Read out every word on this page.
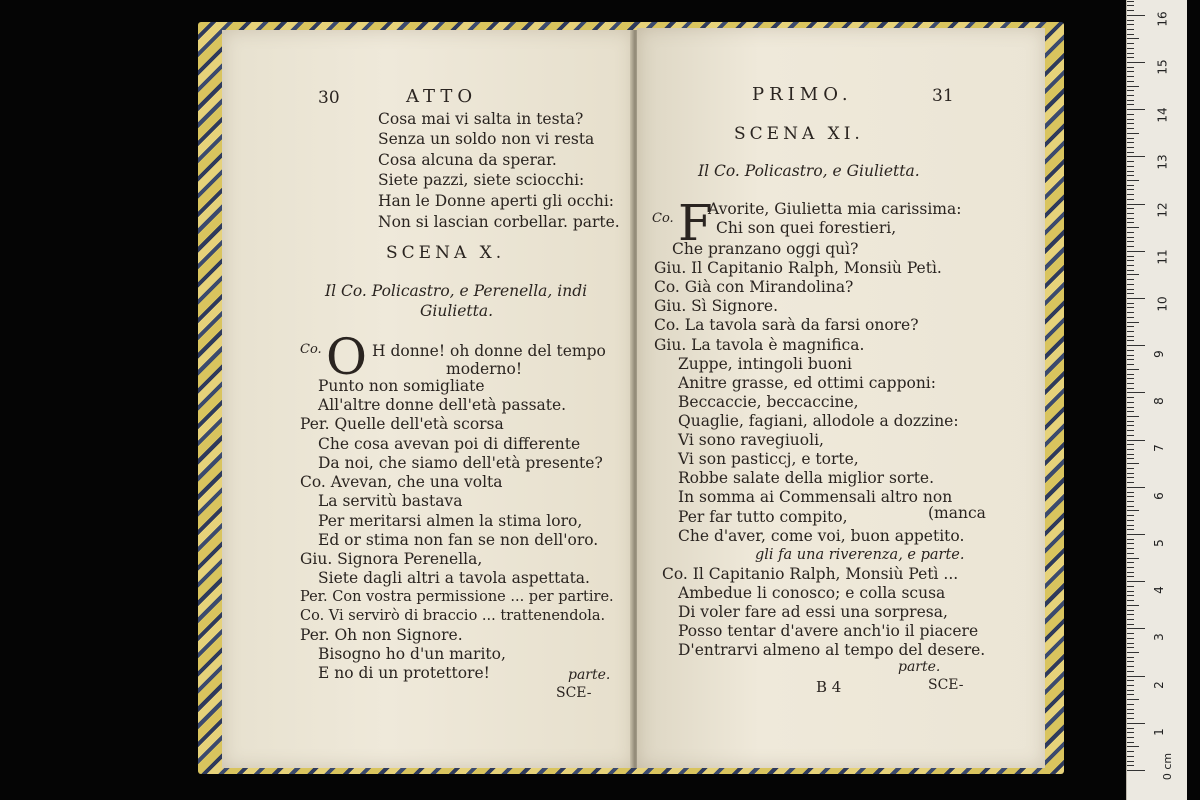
30	ATTO
Cosa mai vi salta in testa?
Senza un soldo non vi resta
Cosa alcuna da sperar.
Siete pazzi, siete sciocchi:
Han le Donne aperti gli occhi:
Non si lascian corbellar. parte.
SCENA X.
Il Co. Policastro, e Perenella, indi
Giulietta.
Co. O H donne! oh donne del tempo
moderno!
Punto non somigliate
All'altre donne dell'età passate.
Per. Quelle dell'età scorsa
Che cosa avevan poi di differente
Da noi, che siamo dell'età presente?
Co. Avevan, che una volta
La servitù bastava
Per meritarsi almen la stima loro,
Ed or stima non fan se non dell'oro.
Giu. Signora Perenella,
Siete dagli altri a tavola aspettata.
Per. Con vostra permissione ... per partire.
Co. Vi servirò di braccio ... trattenendola.
Per. Oh non Signore.
Bisogno ho d'un marito,
E no di un protettore!	parte.
SCE-
PRIMO.	31
SCENA XI.
Il Co. Policastro, e Giulietta.
Co. F
Avorite, Giulietta mia carissima:
Chi son quei forestieri,
Che pranzano oggi quì?
Giu. Il Capitanio Ralph, Monsiù Petì.
Co. Già con Mirandolina?
Giu. Sì Signore.
Co. La tavola sarà da farsi onore?
Giu. La tavola è magnifica.
Zuppe, intingoli buoni
Anitre grasse, ed ottimi capponi:
Beccaccie, beccaccine,
Quaglie, fagiani, allodole a dozzine:
Vi sono ravegiuoli,
Vi son pasticcj, e torte,
Robbe salate della miglior sorte.
In somma ai Commensali altro non
(manca
Per far tutto compito,
Che d'aver, come voi, buon appetito.
gli fa una riverenza, e parte.
Co. Il Capitanio Ralph, Monsiù Petì ...
Ambedue li conosco; e colla scusa
Di voler fare ad essi una sorpresa,
Posso tentar d'avere anch'io il piacere
D'entrarvi almeno al tempo del desere.
parte.
B 4	SCE-
0 cm
1
2
3
4
5
6
7
8
9
10
11
12
13
14
15
16
